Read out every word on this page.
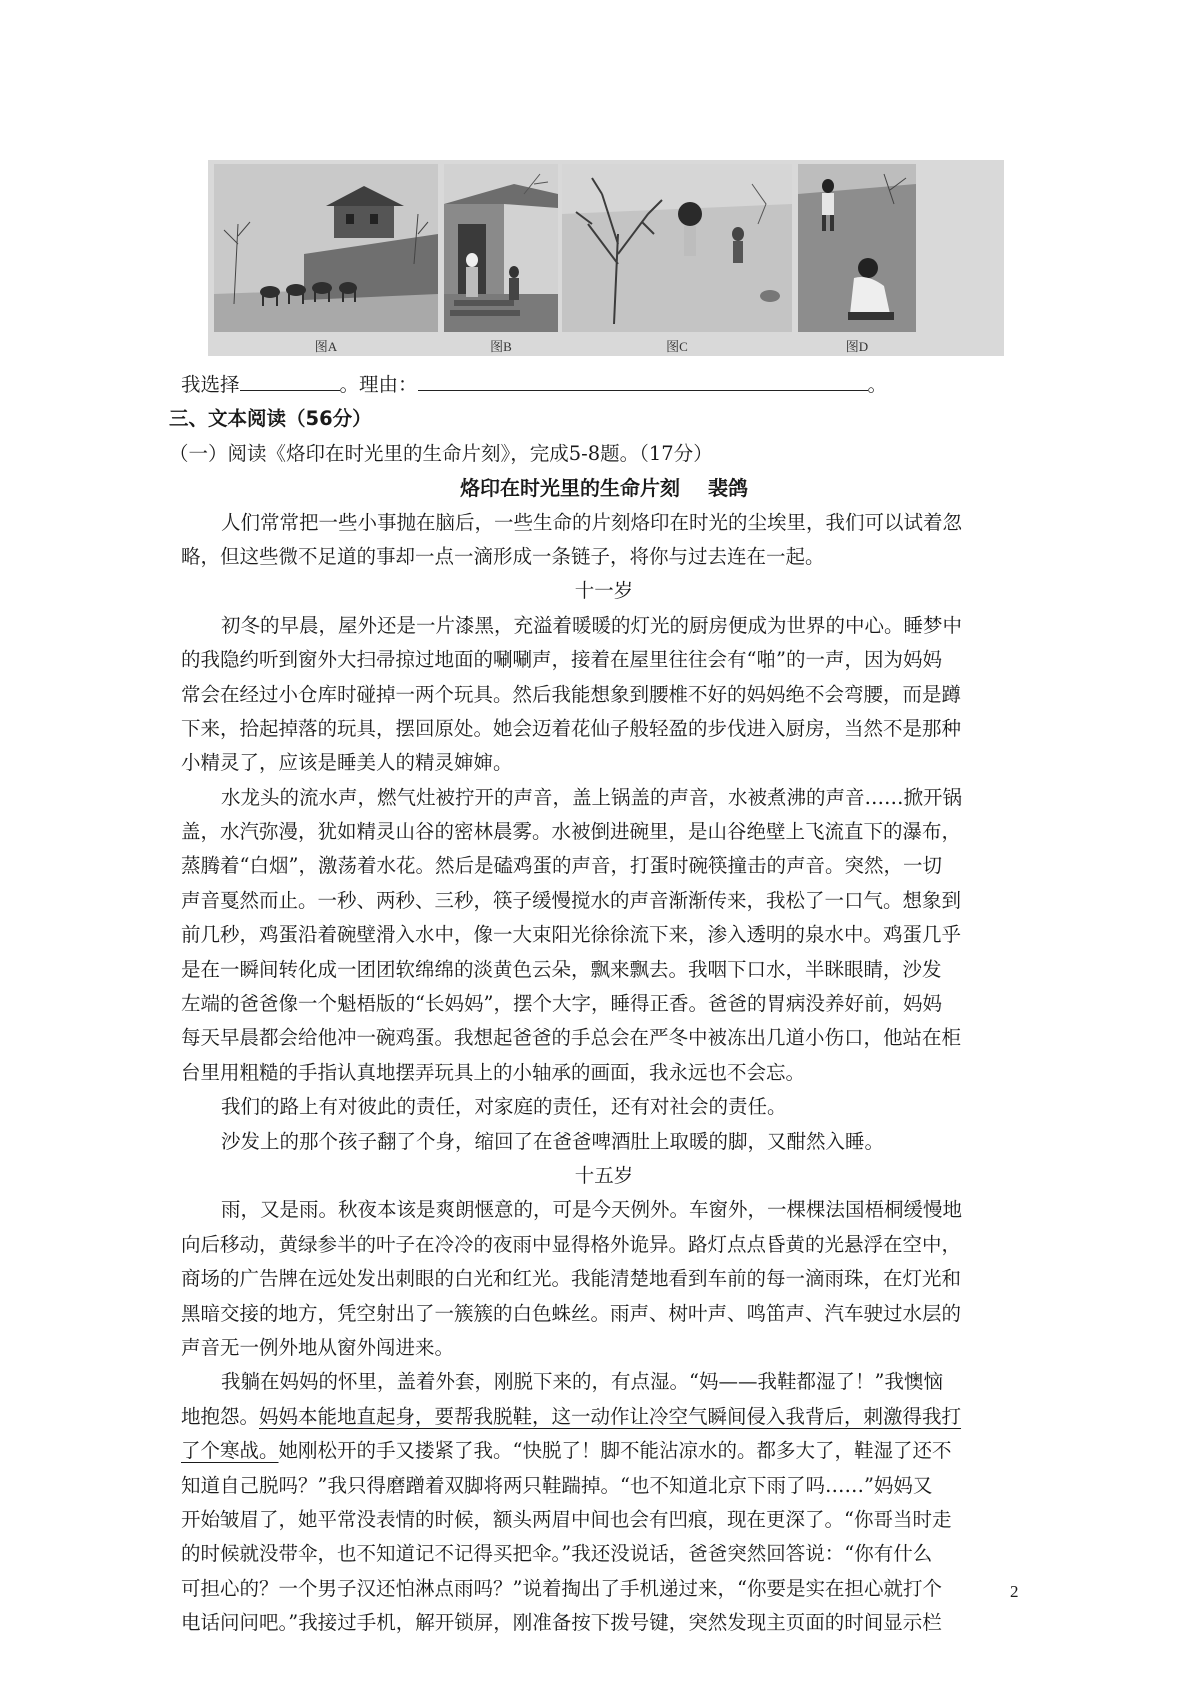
图A	图B	图C	图D
我选择	。理由：	。
三、文本阅读（56分）
（一）阅读《烙印在时光里的生命片刻》，完成5-8题。（17分）
烙印在时光里的生命片刻 裴鸽
人们常常把一些小事抛在脑后，一些生命的片刻烙印在时光的尘埃里，我们可以试着忽
略，但这些微不足道的事却一点一滴形成一条链子，将你与过去连在一起。
十一岁
初冬的早晨，屋外还是一片漆黑，充溢着暖暖的灯光的厨房便成为世界的中心。睡梦中
的我隐约听到窗外大扫帚掠过地面的唰唰声，接着在屋里往往会有“啪”的一声，因为妈妈
常会在经过小仓库时碰掉一两个玩具。然后我能想象到腰椎不好的妈妈绝不会弯腰，而是蹲
下来，拾起掉落的玩具，摆回原处。她会迈着花仙子般轻盈的步伐进入厨房，当然不是那种
小精灵了，应该是睡美人的精灵婶婶。
水龙头的流水声，燃气灶被拧开的声音，盖上锅盖的声音，水被煮沸的声音……掀开锅
盖，水汽弥漫，犹如精灵山谷的密林晨雾。水被倒进碗里，是山谷绝壁上飞流直下的瀑布，
蒸腾着“白烟”，激荡着水花。然后是磕鸡蛋的声音，打蛋时碗筷撞击的声音。突然，一切
声音戛然而止。一秒、两秒、三秒，筷子缓慢搅水的声音渐渐传来，我松了一口气。想象到
前几秒，鸡蛋沿着碗壁滑入水中，像一大束阳光徐徐流下来，渗入透明的泉水中。鸡蛋几乎
是在一瞬间转化成一团团软绵绵的淡黄色云朵，飘来飘去。我咽下口水，半眯眼睛，沙发
左端的爸爸像一个魁梧版的“长妈妈”，摆个大字，睡得正香。爸爸的胃病没养好前，妈妈
每天早晨都会给他冲一碗鸡蛋。我想起爸爸的手总会在严冬中被冻出几道小伤口，他站在柜
台里用粗糙的手指认真地摆弄玩具上的小轴承的画面，我永远也不会忘。
我们的路上有对彼此的责任，对家庭的责任，还有对社会的责任。
沙发上的那个孩子翻了个身，缩回了在爸爸啤酒肚上取暖的脚，又酣然入睡。
十五岁
雨，又是雨。秋夜本该是爽朗惬意的，可是今天例外。车窗外，一棵棵法国梧桐缓慢地
向后移动，黄绿参半的叶子在冷冷的夜雨中显得格外诡异。路灯点点昏黄的光悬浮在空中，
商场的广告牌在远处发出刺眼的白光和红光。我能清楚地看到车前的每一滴雨珠，在灯光和
黑暗交接的地方，凭空射出了一簇簇的白色蛛丝。雨声、树叶声、鸣笛声、汽车驶过水层的
声音无一例外地从窗外闯进来。
我躺在妈妈的怀里，盖着外套，刚脱下来的，有点湿。“妈——我鞋都湿了！”我懊恼
地抱怨。妈妈本能地直起身，要帮我脱鞋，这一动作让冷空气瞬间侵入我背后，刺激得我打
了个寒战。她刚松开的手又搂紧了我。“快脱了！脚不能沾凉水的。都多大了，鞋湿了还不
知道自己脱吗？”我只得磨蹭着双脚将两只鞋踹掉。“也不知道北京下雨了吗……”妈妈又
开始皱眉了，她平常没表情的时候，额头两眉中间也会有凹痕，现在更深了。“你哥当时走
的时候就没带伞，也不知道记不记得买把伞。”我还没说话，爸爸突然回答说：“你有什么
可担心的？一个男子汉还怕淋点雨吗？”说着掏出了手机递过来，“你要是实在担心就打个
电话问问吧。”我接过手机，解开锁屏，刚准备按下拨号键，突然发现主页面的时间显示栏
2
